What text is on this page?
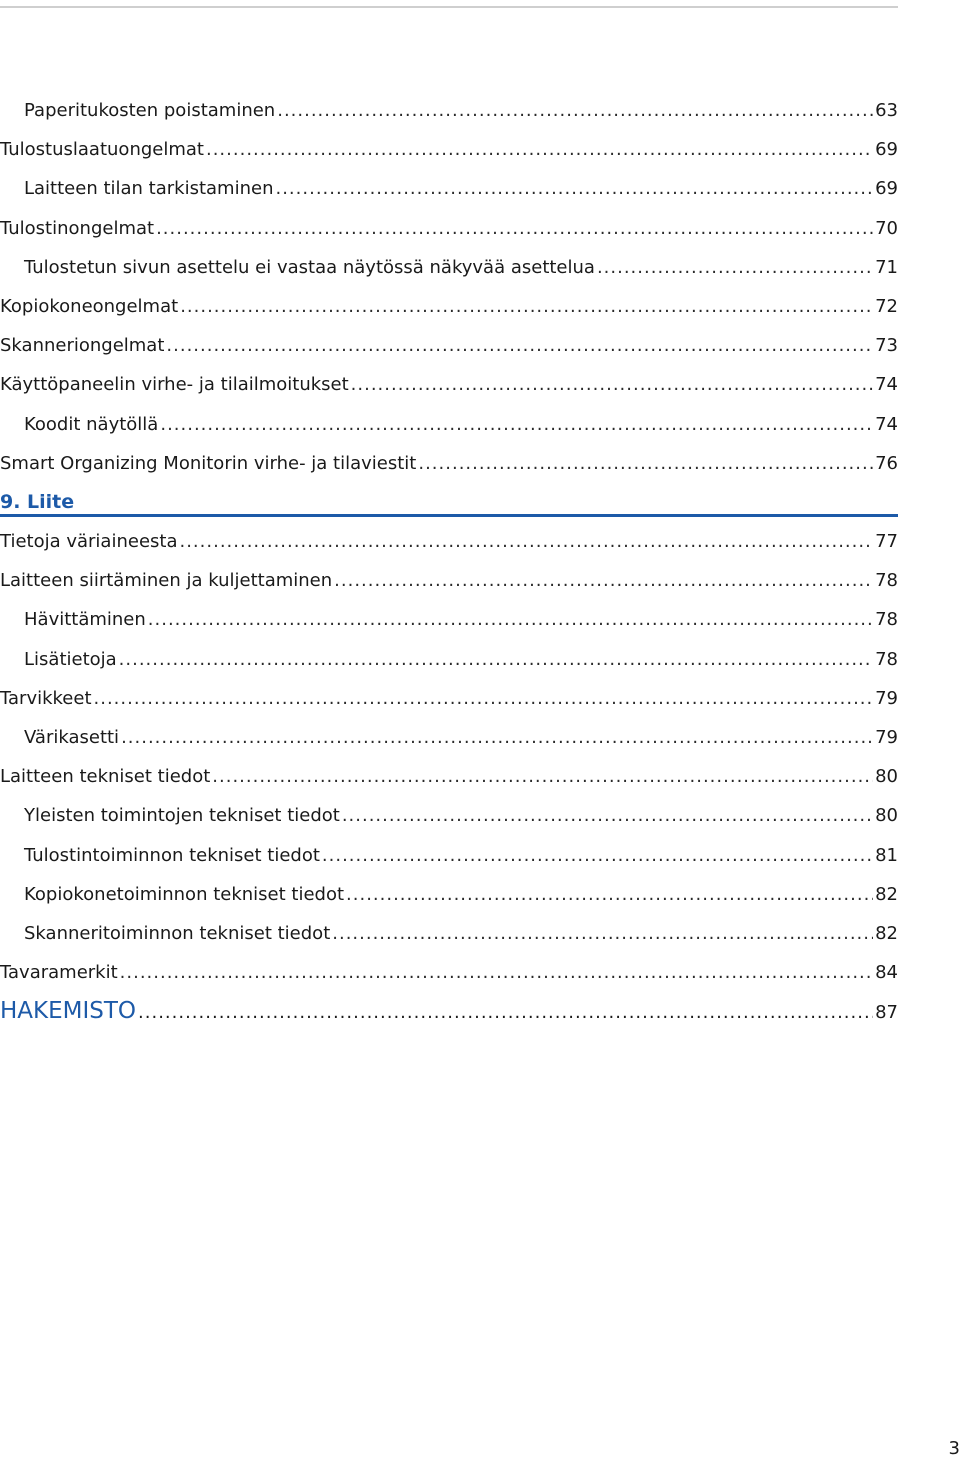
Paperitukosten poistaminen .....	63
Tulostuslaatuongelmat .....	69
Laitteen tilan tarkistaminen .....	69
Tulostinongelmat .....	70
Tulostetun sivun asettelu ei vastaa näytössä näkyvää asettelua .....	71
Kopiokoneongelmat .....	72
Skanneriongelmat .....	73
Käyttöpaneelin virhe- ja tilailmoitukset .....	74
Koodit näytöllä .....	74
Smart Organizing Monitorin virhe- ja tilaviestit .....	76
9. Liite
Tietoja väriaineesta .....	77
Laitteen siirtäminen ja kuljettaminen .....	78
Hävittäminen .....	78
Lisätietoja .....	78
Tarvikkeet .....	79
Värikasetti .....	79
Laitteen tekniset tiedot .....	80
Yleisten toimintojen tekniset tiedot .....	80
Tulostintoiminnon tekniset tiedot .....	81
Kopiokonetoiminnon tekniset tiedot .....	82
Skanneritoiminnon tekniset tiedot .....	82
Tavaramerkit .....	84
HAKEMISTO .....	87
3
